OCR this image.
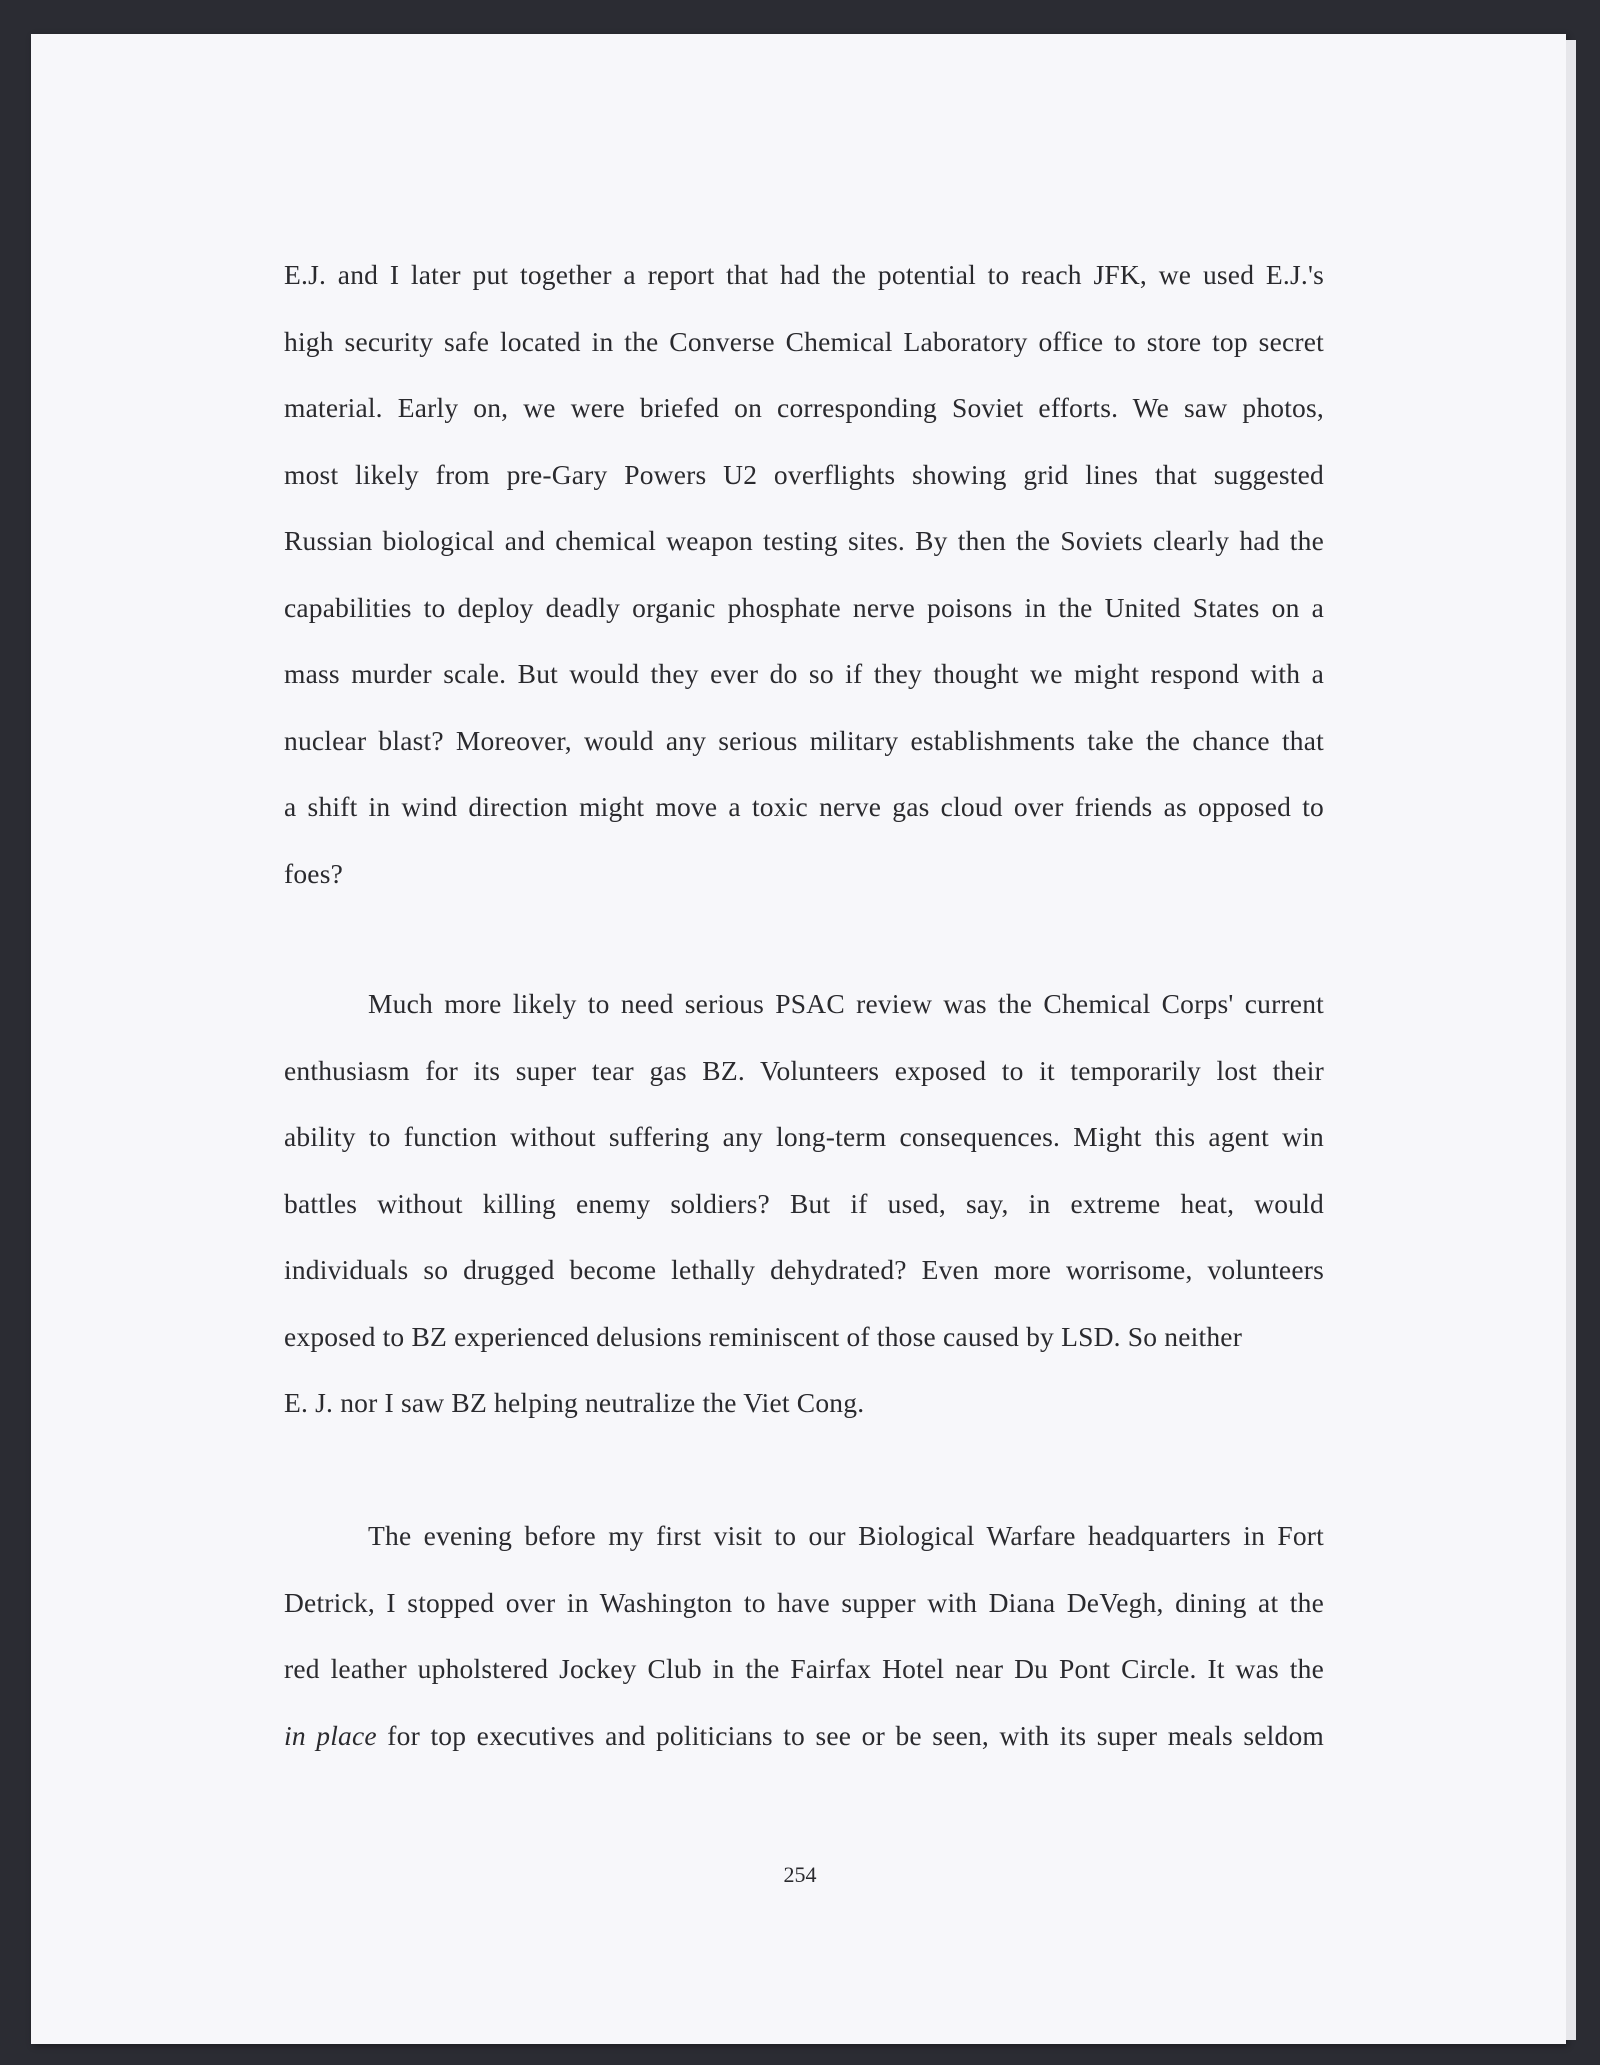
E.J. and I later put together a report that had the potential to reach JFK, we used E.J.'s
high security safe located in the Converse Chemical Laboratory office to store top secret
material. Early on, we were briefed on corresponding Soviet efforts. We saw photos,
most likely from pre-Gary Powers U2 overflights showing grid lines that suggested
Russian biological and chemical weapon testing sites. By then the Soviets clearly had the
capabilities to deploy deadly organic phosphate nerve poisons in the United States on a
mass murder scale. But would they ever do so if they thought we might respond with a
nuclear blast? Moreover, would any serious military establishments take the chance that
a shift in wind direction might move a toxic nerve gas cloud over friends as opposed to
foes?
Much more likely to need serious PSAC review was the Chemical Corps' current
enthusiasm for its super tear gas BZ. Volunteers exposed to it temporarily lost their
ability to function without suffering any long-term consequences. Might this agent win
battles without killing enemy soldiers? But if used, say, in extreme heat, would
individuals so drugged become lethally dehydrated? Even more worrisome, volunteers
exposed to BZ experienced delusions reminiscent of those caused by LSD. So neither
E. J. nor I saw BZ helping neutralize the Viet Cong.
The evening before my first visit to our Biological Warfare headquarters in Fort
Detrick, I stopped over in Washington to have supper with Diana DeVegh, dining at the
red leather upholstered Jockey Club in the Fairfax Hotel near Du Pont Circle. It was the
in place for top executives and politicians to see or be seen, with its super meals seldom
254
